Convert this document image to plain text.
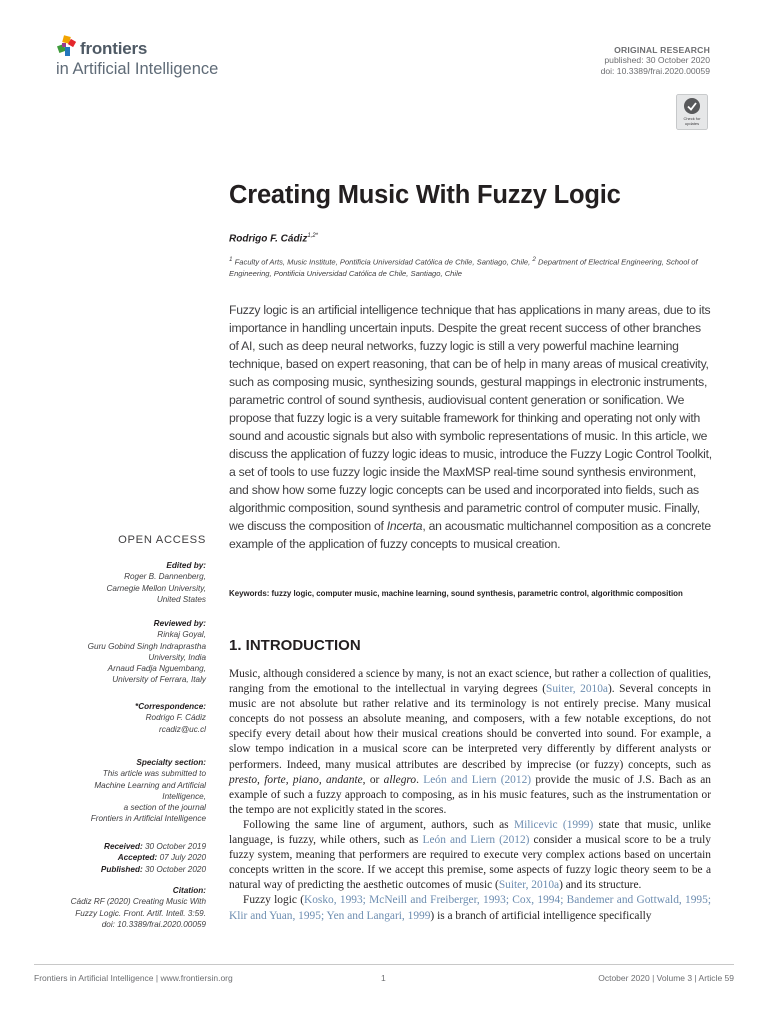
frontiers
in Artificial Intelligence
ORIGINAL RESEARCH
published: 30 October 2020
doi: 10.3389/frai.2020.00059
Check for
updates
Creating Music With Fuzzy Logic
Rodrigo F. Cádiz$^{1,2*}$
$^1$ Faculty of Arts, Music Institute, Pontificia Universidad Católica de Chile, Santiago, Chile, $^2$ Department of Electrical Engineering, School of Engineering, Pontificia Universidad Católica de Chile, Santiago, Chile
Fuzzy logic is an artificial intelligence technique that has applications in many areas, due to its importance in handling uncertain inputs. Despite the great recent success of other branches of AI, such as deep neural networks, fuzzy logic is still a very powerful machine learning technique, based on expert reasoning, that can be of help in many areas of musical creativity, such as composing music, synthesizing sounds, gestural mappings in electronic instruments, parametric control of sound synthesis, audiovisual content generation or sonification. We propose that fuzzy logic is a very suitable framework for thinking and operating not only with sound and acoustic signals but also with symbolic representations of music. In this article, we discuss the application of fuzzy logic ideas to music, introduce the Fuzzy Logic Control Toolkit, a set of tools to use fuzzy logic inside the MaxMSP real-time sound synthesis environment, and show how some fuzzy logic concepts can be used and incorporated into fields, such as algorithmic composition, sound synthesis and parametric control of computer music. Finally, we discuss the composition of Incerta, an acousmatic multichannel composition as a concrete example of the application of fuzzy concepts to musical creation.
Keywords: fuzzy logic, computer music, machine learning, sound synthesis, parametric control, algorithmic composition
1. INTRODUCTION

Music, although considered a science by many, is not an exact science, but rather a collection of qualities, ranging from the emotional to the intellectual in varying degrees (Suiter, 2010a). Several concepts in music are not absolute but rather relative and its terminology is not entirely precise. Many musical concepts do not possess an absolute meaning, and composers, with a few notable exceptions, do not specify every detail about how their musical creations should be converted into sound. For example, a slow tempo indication in a musical score can be interpreted very differently by different analysts or performers. Indeed, many musical attributes are described by imprecise (or fuzzy) concepts, such as presto, forte, piano, andante, or allegro. León and Liern (2012) provide the music of J.S. Bach as an example of such a fuzzy approach to composing, as in his music features, such as the instrumentation or the tempo are not explicitly stated in the scores.

Following the same line of argument, authors, such as Milicevic (1999) state that music, unlike language, is fuzzy, while others, such as León and Liern (2012) consider a musical score to be a truly fuzzy system, meaning that performers are required to execute very complex actions based on uncertain concepts written in the score. If we accept this premise, some aspects of fuzzy logic theory seem to be a natural way of predicting the aesthetic outcomes of music (Suiter, 2010a) and its structure.

Fuzzy logic (Kosko, 1993; McNeill and Freiberger, 1993; Cox, 1994; Bandemer and Gottwald, 1995; Klir and Yuan, 1995; Yen and Langari, 1999) is a branch of artificial intelligence specifically

OPEN ACCESS
Edited by:
Roger B. Dannenberg,
Carnegie Mellon University,
United States
Reviewed by:
Rinkaj Goyal,
Guru Gobind Singh Indraprastha
University, India
Arnaud Fadja Nguembang,
University of Ferrara, Italy
*Correspondence:
Rodrigo F. Cádiz
rcadiz@uc.cl
Specialty section:
This article was submitted to
Machine Learning and Artificial
Intelligence,
a section of the journal
Frontiers in Artificial Intelligence
Received: 30 October 2019
Accepted: 07 July 2020
Published: 30 October 2020
Citation:
Cádiz RF (2020) Creating Music With
Fuzzy Logic. Front. Artif. Intell. 3:59.
doi: 10.3389/frai.2020.00059
Frontiers in Artificial Intelligence | www.frontiersin.org	1	October 2020 | Volume 3 | Article 59
